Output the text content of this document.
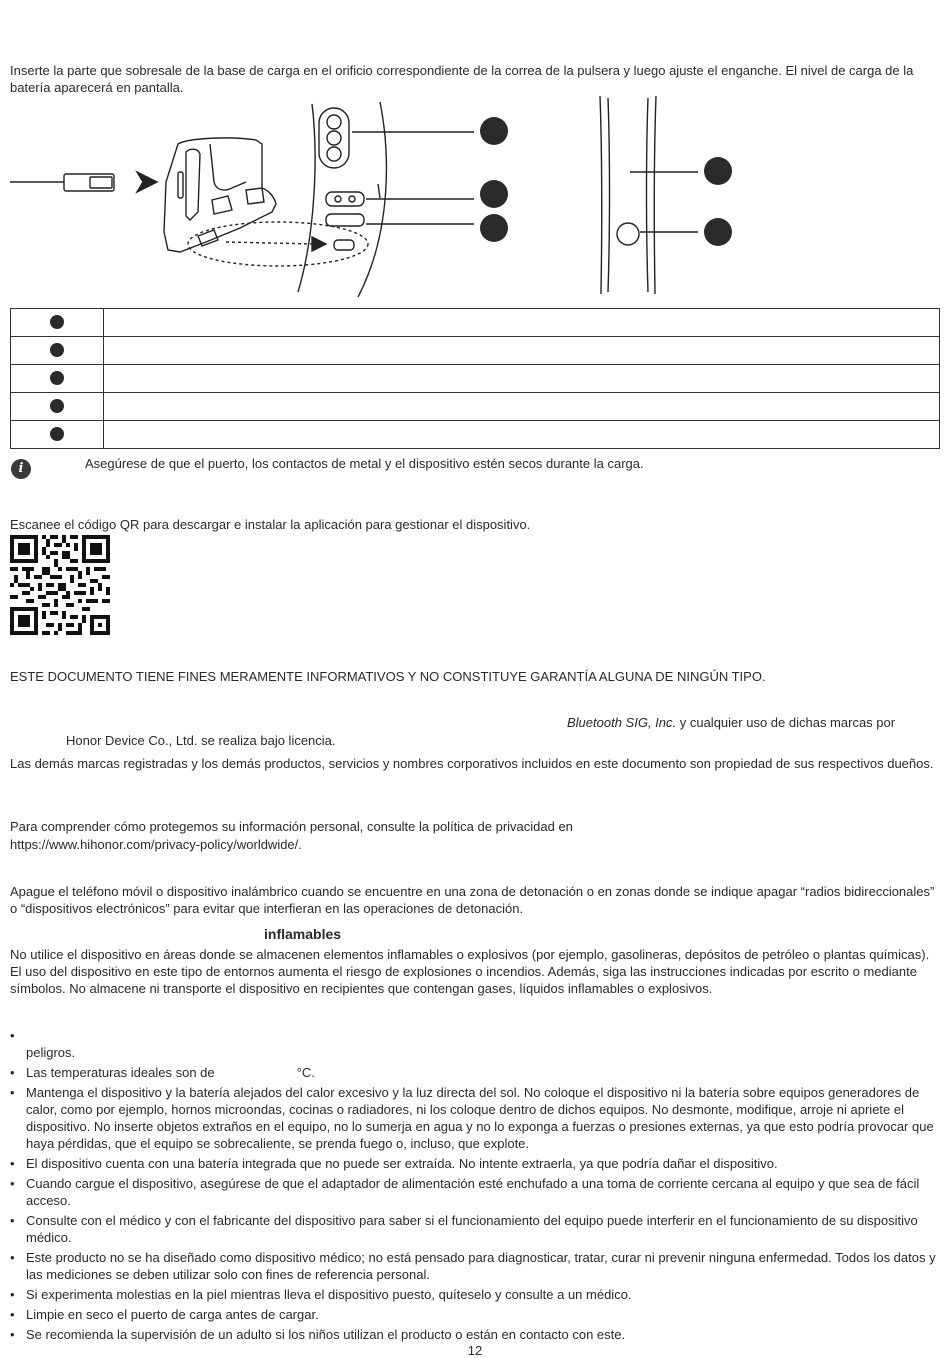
Inserte la parte que sobresale de la base de carga en el orificio correspondiente de la correa de la pulsera y luego ajuste el enganche. El nivel de carga de la batería aparecerá en pantalla.

i	Asegúrese de que el puerto, los contactos de metal y el dispositivo estén secos durante la carga.

Escanee el código QR para descargar e instalar la aplicación para gestionar el dispositivo.

ESTE DOCUMENTO TIENE FINES MERAMENTE INFORMATIVOS Y NO CONSTITUYE GARANTÍA ALGUNA DE NINGÚN TIPO.

Bluetooth SIG, Inc. y cualquier uso de dichas marcas por

Honor Device Co., Ltd. se realiza bajo licencia.

Las demás marcas registradas y los demás productos, servicios y nombres corporativos incluidos en este documento son propiedad de sus respectivos dueños.

Para comprender cómo protegemos su información personal, consulte la política de privacidad en

https://www.hihonor.com/privacy-policy/worldwide/.

Apague el teléfono móvil o dispositivo inalámbrico cuando se encuentre en una zona de detonación o en zonas donde se indique apagar “radios bidireccionales” o “dispositivos electrónicos” para evitar que interfieran en las operaciones de detonación.

inflamables

No utilice el dispositivo en áreas donde se almacenen elementos inflamables o explosivos (por ejemplo, gasolineras, depósitos de petróleo o plantas químicas). El uso del dispositivo en este tipo de entornos aumenta el riesgo de explosiones o incendios. Además, siga las instrucciones indicadas por escrito o mediante símbolos. No almacene ni transporte el dispositivo en recipientes que contengan gases, líquidos inflamables o explosivos.

•

peligros.
• Las temperaturas ideales son de	°C.
• Mantenga el dispositivo y la batería alejados del calor excesivo y la luz directa del sol. No coloque el dispositivo ni la batería sobre equipos generadores de calor, como por ejemplo, hornos microondas, cocinas o radiadores, ni los coloque dentro de dichos equipos. No desmonte, modifique, arroje ni apriete el dispositivo. No inserte objetos extraños en el equipo, no lo sumerja en agua y no lo exponga a fuerzas o presiones externas, ya que esto podría provocar que haya pérdidas, que el equipo se sobrecaliente, se prenda fuego o, incluso, que explote.
• El dispositivo cuenta con una batería integrada que no puede ser extraída. No intente extraerla, ya que podría dañar el dispositivo.
• Cuando cargue el dispositivo, asegúrese de que el adaptador de alimentación esté enchufado a una toma de corriente cercana al equipo y que sea de fácil acceso.
• Consulte con el médico y con el fabricante del dispositivo para saber si el funcionamiento del equipo puede interferir en el funcionamiento de su dispositivo médico.
• Este producto no se ha diseñado como dispositivo médico; no está pensado para diagnosticar, tratar, curar ni prevenir ninguna enfermedad. Todos los datos y las mediciones se deben utilizar solo con fines de referencia personal.
• Si experimenta molestias en la piel mientras lleva el dispositivo puesto, quíteselo y consulte a un médico.
• Limpie en seco el puerto de carga antes de cargar.
• Se recomienda la supervisión de un adulto si los niños utilizan el producto o están en contacto con este.
12
